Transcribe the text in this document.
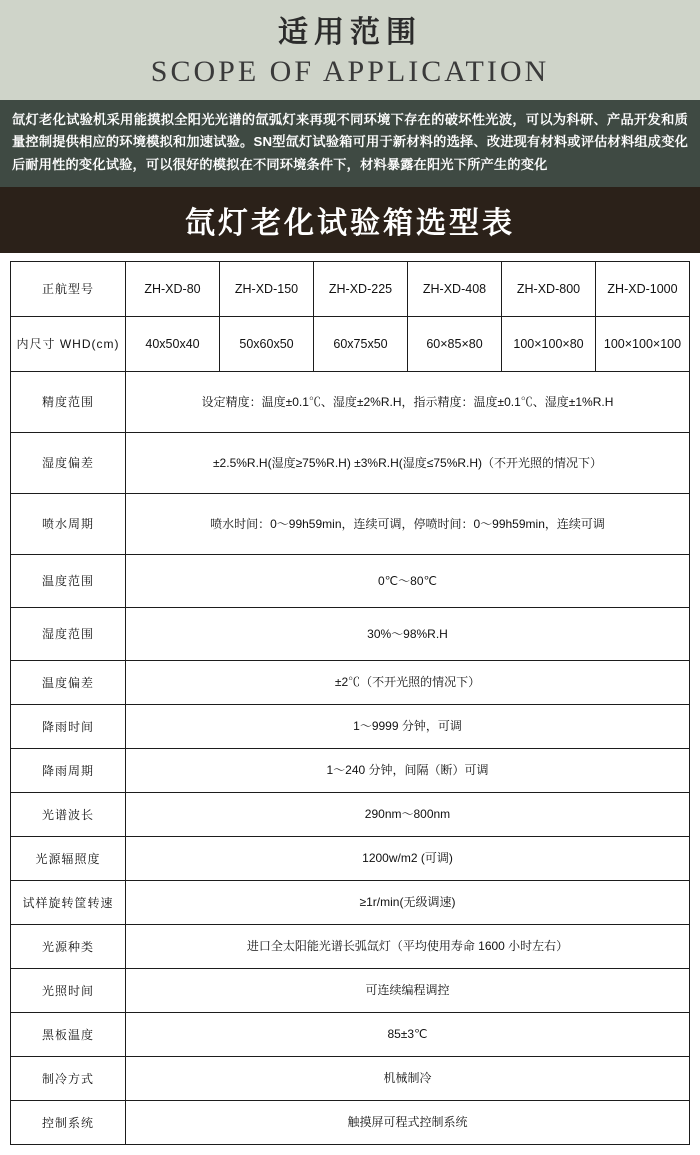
适用范围
SCOPE OF APPLICATION
氙灯老化试验机采用能摸拟全阳光光谱的氙弧灯来再现不同环境下存在的破坏性光波，可以为科研、产品开发和质量控制提供相应的环境模拟和加速试验。SN型氙灯试验箱可用于新材料的选择、改进现有材料或评估材料组成变化后耐用性的变化试验，可以很好的模拟在不同环境条件下，材料暴露在阳光下所产生的变化
氙灯老化试验箱选型表
正航型号	ZH-XD-80	ZH-XD-150	ZH-XD-225	ZH-XD-408	ZH-XD-800	ZH-XD-1000
内尺寸 WHD(cm)	40x50x40	50x60x50	60x75x50	60×85×80	100×100×80	100×100×100
精度范围	设定精度：温度±0.1℃、湿度±2%R.H，指示精度：温度±0.1℃、湿度±1%R.H					
湿度偏差	±2.5%R.H(湿度≥75%R.H) ±3%R.H(湿度≤75%R.H)（不开光照的情况下）					
喷水周期	喷水时间：0～99h59min，连续可调，停喷时间：0～99h59min，连续可调					
温度范围	0℃～80℃					
湿度范围	30%～98%R.H					
温度偏差	±2℃（不开光照的情况下）					
降雨时间	1～9999 分钟，可调					
降雨周期	1～240 分钟，间隔（断）可调					
光谱波长	290nm～800nm					
光源辐照度	1200w/m2 (可调)					
试样旋转筐转速	≥1r/min(无级调速)					
光源种类	进口全太阳能光谱长弧氙灯（平均使用寿命 1600 小时左右）					
光照时间	可连续编程调控					
黑板温度	85±3℃					
制冷方式	机械制冷					
控制系统	触摸屏可程式控制系统					
